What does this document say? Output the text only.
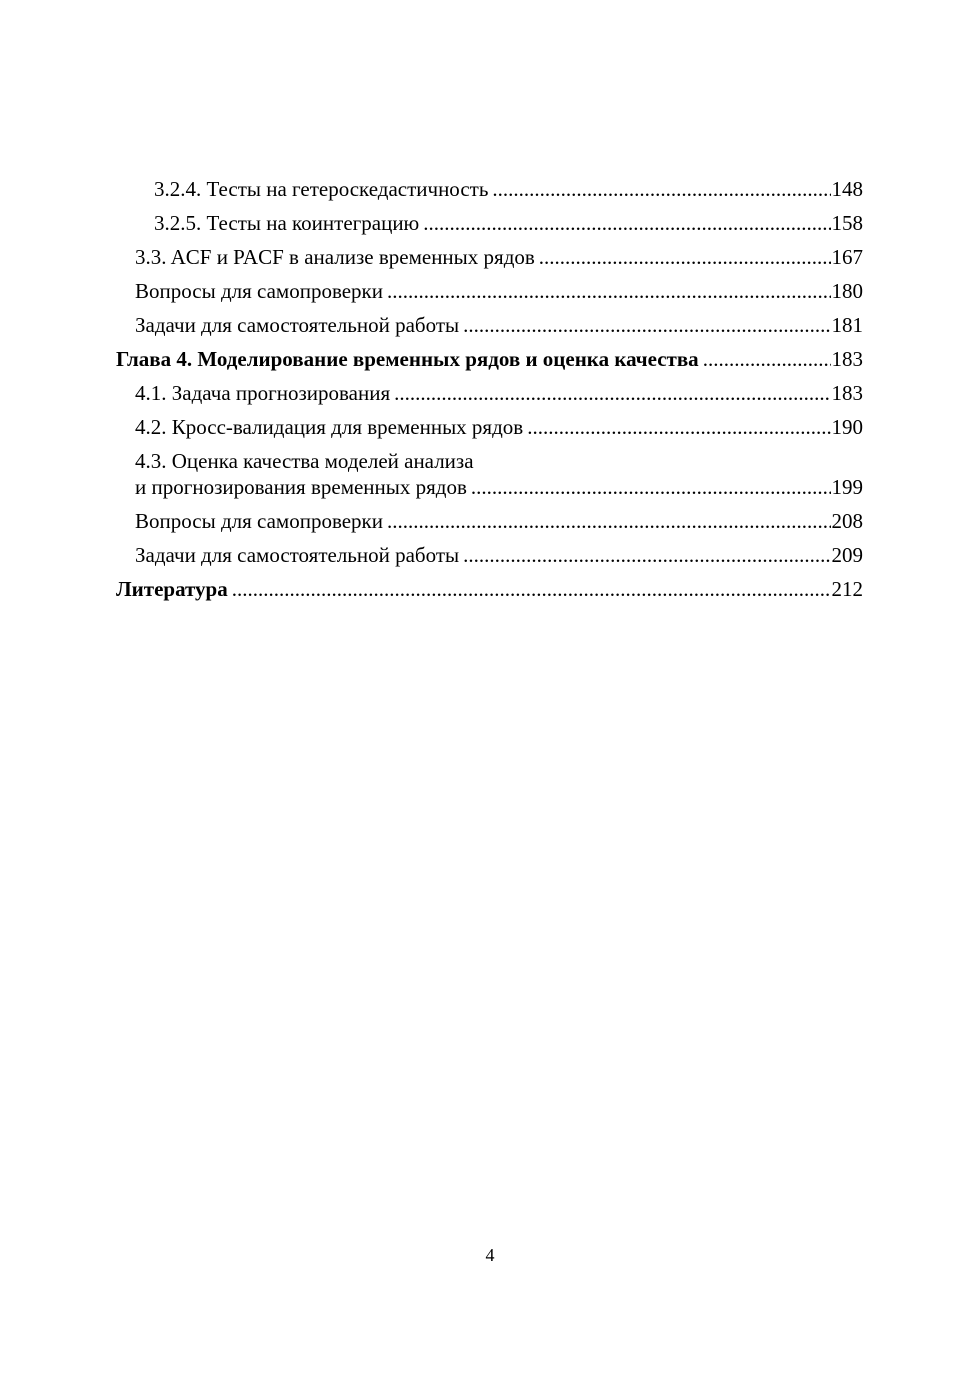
3.2.4. Тесты на гетероскедастичность .....	148
3.2.5. Тесты на коинтеграцию .....	158
3.3. ACF и PACF в анализе временных рядов .....	167
Вопросы для самопроверки .....	180
Задачи для самостоятельной работы .....	181
Глава 4. Моделирование временных рядов и оценка качества .....	183
4.1. Задача прогнозирования .....	183
4.2. Кросс-валидация для временных рядов .....	190
4.3. Оценка качества моделей анализа
и прогнозирования временных рядов .....	199
Вопросы для самопроверки .....	208
Задачи для самостоятельной работы .....	209
Литература .....	212
4
